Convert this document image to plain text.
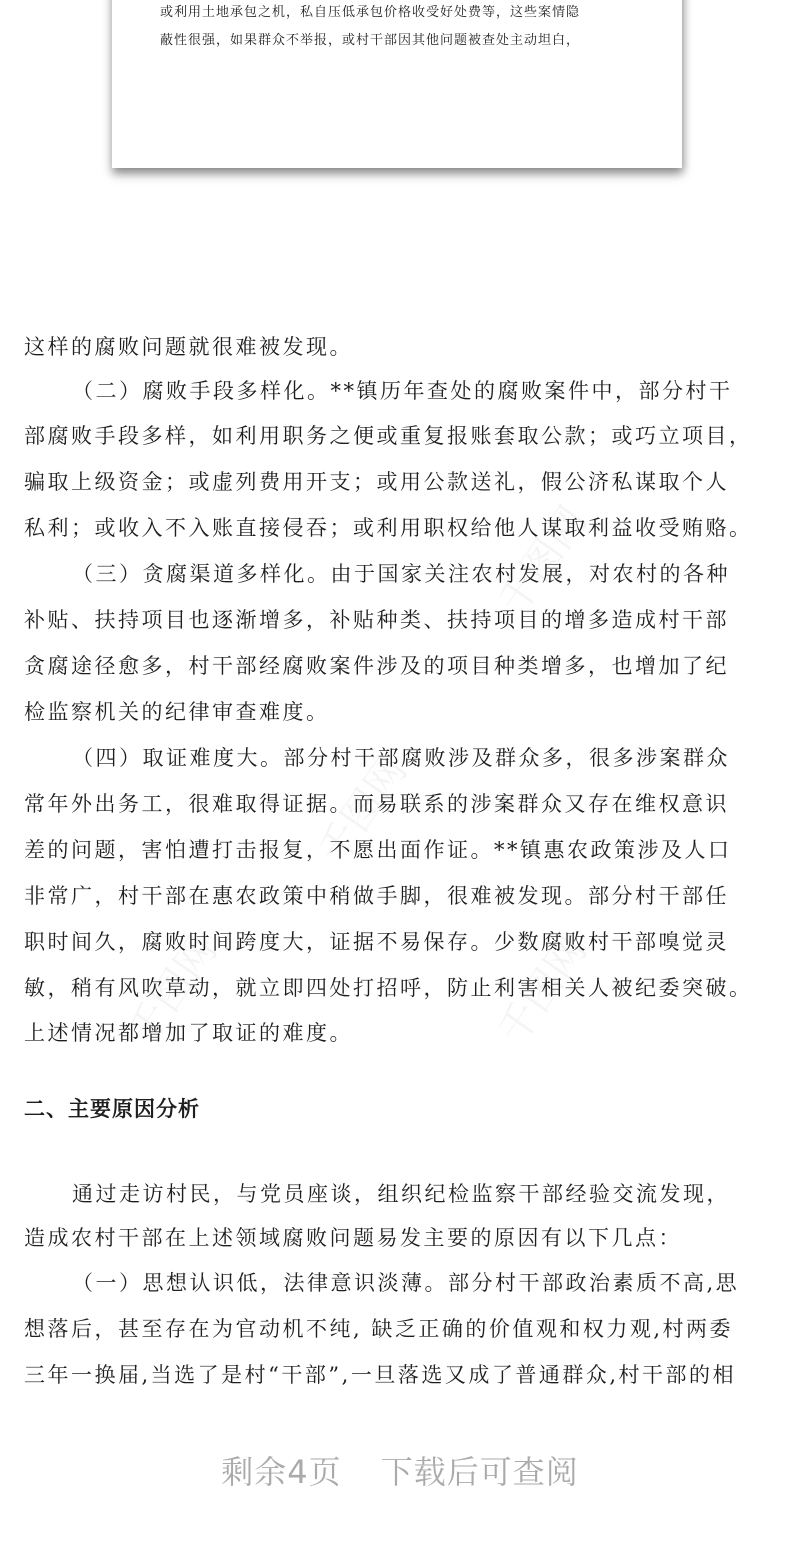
或利用土地承包之机，私自压低承包价格收受好处费等，这些案情隐

蔽性很强，如果群众不举报，或村干部因其他问题被查处主动坦白，

这样的腐败问题就很难被发现。
（二）腐败手段多样化。**镇历年查处的腐败案件中，部分村干
部腐败手段多样，如利用职务之便或重复报账套取公款；或巧立项目，
骗取上级资金；或虚列费用开支；或用公款送礼，假公济私谋取个人
私利；或收入不入账直接侵吞；或利用职权给他人谋取利益收受贿赂。
（三）贪腐渠道多样化。由于国家关注农村发展，对农村的各种
补贴、扶持项目也逐渐增多，补贴种类、扶持项目的增多造成村干部
贪腐途径愈多，村干部经腐败案件涉及的项目种类增多，也增加了纪
检监察机关的纪律审查难度。
（四）取证难度大。部分村干部腐败涉及群众多，很多涉案群众
常年外出务工，很难取得证据。而易联系的涉案群众又存在维权意识
差的问题，害怕遭打击报复，不愿出面作证。**镇惠农政策涉及人口
非常广，村干部在惠农政策中稍做手脚，很难被发现。部分村干部任
职时间久，腐败时间跨度大，证据不易保存。少数腐败村干部嗅觉灵
敏，稍有风吹草动，就立即四处打招呼，防止利害相关人被纪委突破。
上述情况都增加了取证的难度。
通过走访村民，与党员座谈，组织纪检监察干部经验交流发现，
造成农村干部在上述领域腐败问题易发主要的原因有以下几点：
（一）思想认识低，法律意识淡薄。部分村干部政治素质不高,思
想落后，甚至存在为官动机不纯, 缺乏正确的价值观和权力观,村两委
三年一换届,当选了是村“干部”,一旦落选又成了普通群众,村干部的相
二、主要原因分析
剩余4页 下载后可查阅
